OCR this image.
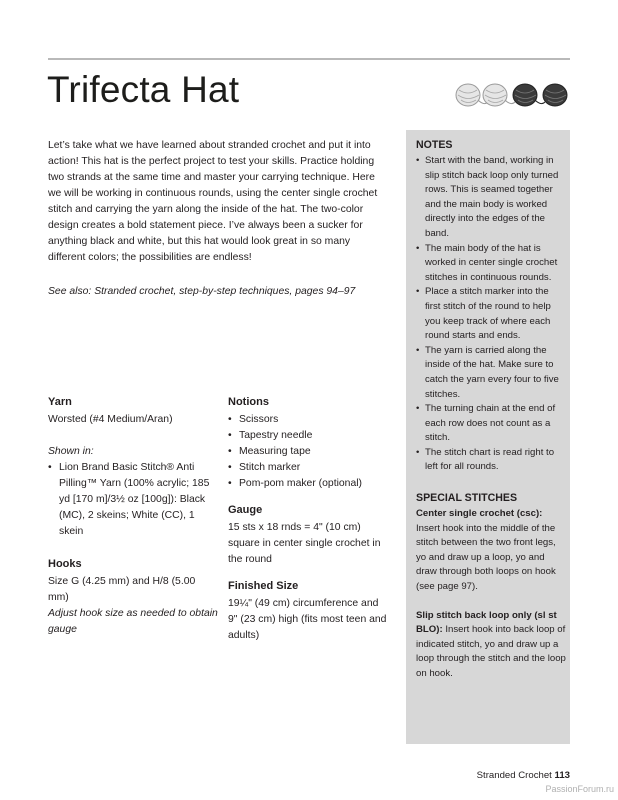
Trifecta Hat

Let’s take what we have learned about stranded crochet and put it into action! This hat is the perfect project to test your skills. Practice holding two strands at the same time and master your carrying technique. Here we will be working in continuous rounds, using the center single crochet stitch and carrying the yarn along the inside of the hat. The two-color design creates a bold statement piece. I’ve always been a sucker for anything black and white, but this hat would look great in so many different colors; the possibilities are endless!

See also: Stranded crochet, step-by-step techniques, pages 94–97

Yarn

Worsted (#4 Medium/Aran)

Shown in:

• Lion Brand Basic Stitch® Anti Pilling™ Yarn (100% acrylic; 185 yd [170 m]/3½ oz [100g]): Black (MC), 2 skeins; White (CC), 1 skein
Hooks

Size G (4.25 mm) and H/8 (5.00 mm)

Adjust hook size as needed to obtain gauge

Notions
• Scissors
• Tapestry needle
• Measuring tape
• Stitch marker
• Pom-pom maker (optional)
Gauge

15 sts x 18 rnds = 4" (10 cm) square in center single crochet in the round

Finished Size

19¼" (49 cm) circumference and 9" (23 cm) high (fits most teen and adults)

NOTES
• Start with the band, working in slip stitch back loop only turned rows. This is seamed together and the main body is worked directly into the edges of the band.
• The main body of the hat is worked in center single crochet stitches in continuous rounds.
• Place a stitch marker into the first stitch of the round to help you keep track of where each round starts and ends.
• The yarn is carried along the inside of the hat. Make sure to catch the yarn every four to five stitches.
• The turning chain at the end of each row does not count as a stitch.
• The stitch chart is read right to left for all rounds.
SPECIAL STITCHES

Center single crochet (csc): Insert hook into the middle of the stitch between the two front legs, yo and draw up a loop, yo and draw through both loops on hook (see page 97).

Slip stitch back loop only (sl st BLO): Insert hook into back loop of indicated stitch, yo and draw up a loop through the stitch and the loop on hook.

Stranded Crochet 113
PassionForum.ru
